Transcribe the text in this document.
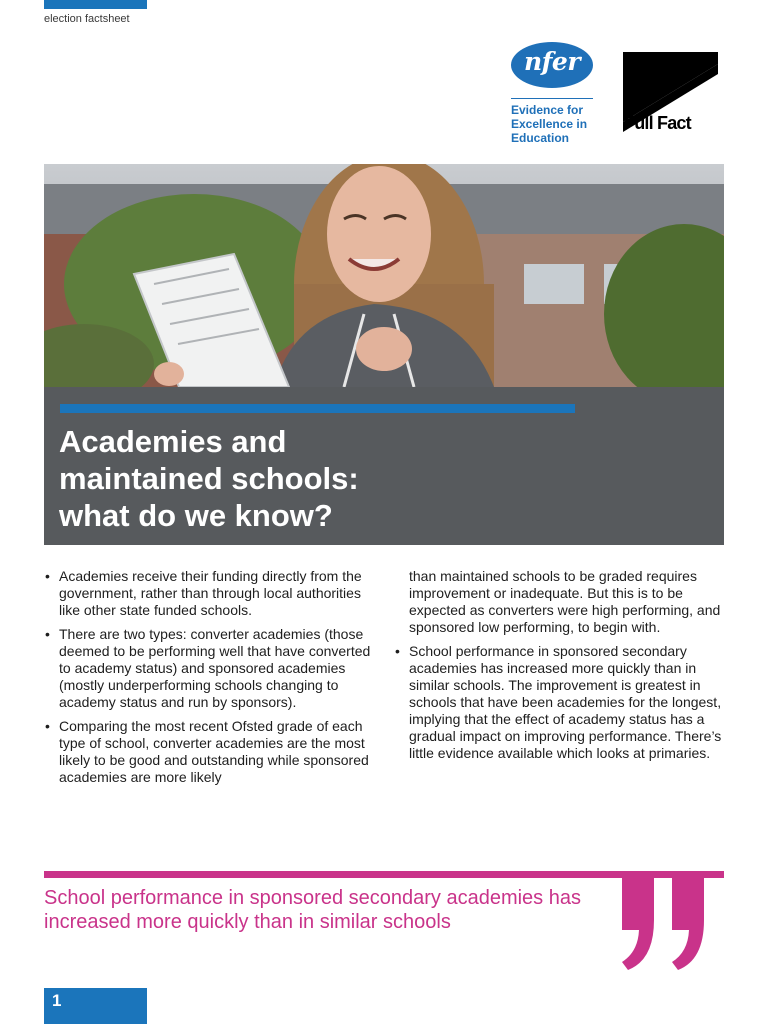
election factsheet
nfer
Evidence for
Excellence in
Education
Full Fact
Academies and
maintained schools:
what do we know?

• Academies receive their funding directly from the government, rather than through local authorities like other state funded schools.

• There are two types: converter academies (those deemed to be performing well that have converted to academy status) and sponsored academies (mostly underperforming schools changing to academy status and run by sponsors).

• Comparing the most recent Ofsted grade of each type of school, converter academies are the most likely to be good and outstanding while sponsored academies are more likely

than maintained schools to be graded requires improvement or inadequate. But this is to be expected as converters were high performing, and sponsored low performing, to begin with.

• School performance in sponsored secondary academies has increased more quickly than in similar schools. The improvement is greatest in schools that have been academies for the longest, implying that the effect of academy status has a gradual impact on improving performance. There’s little evidence available which looks at primaries.

School performance in sponsored secondary academies has increased more quickly than in similar schools
1
